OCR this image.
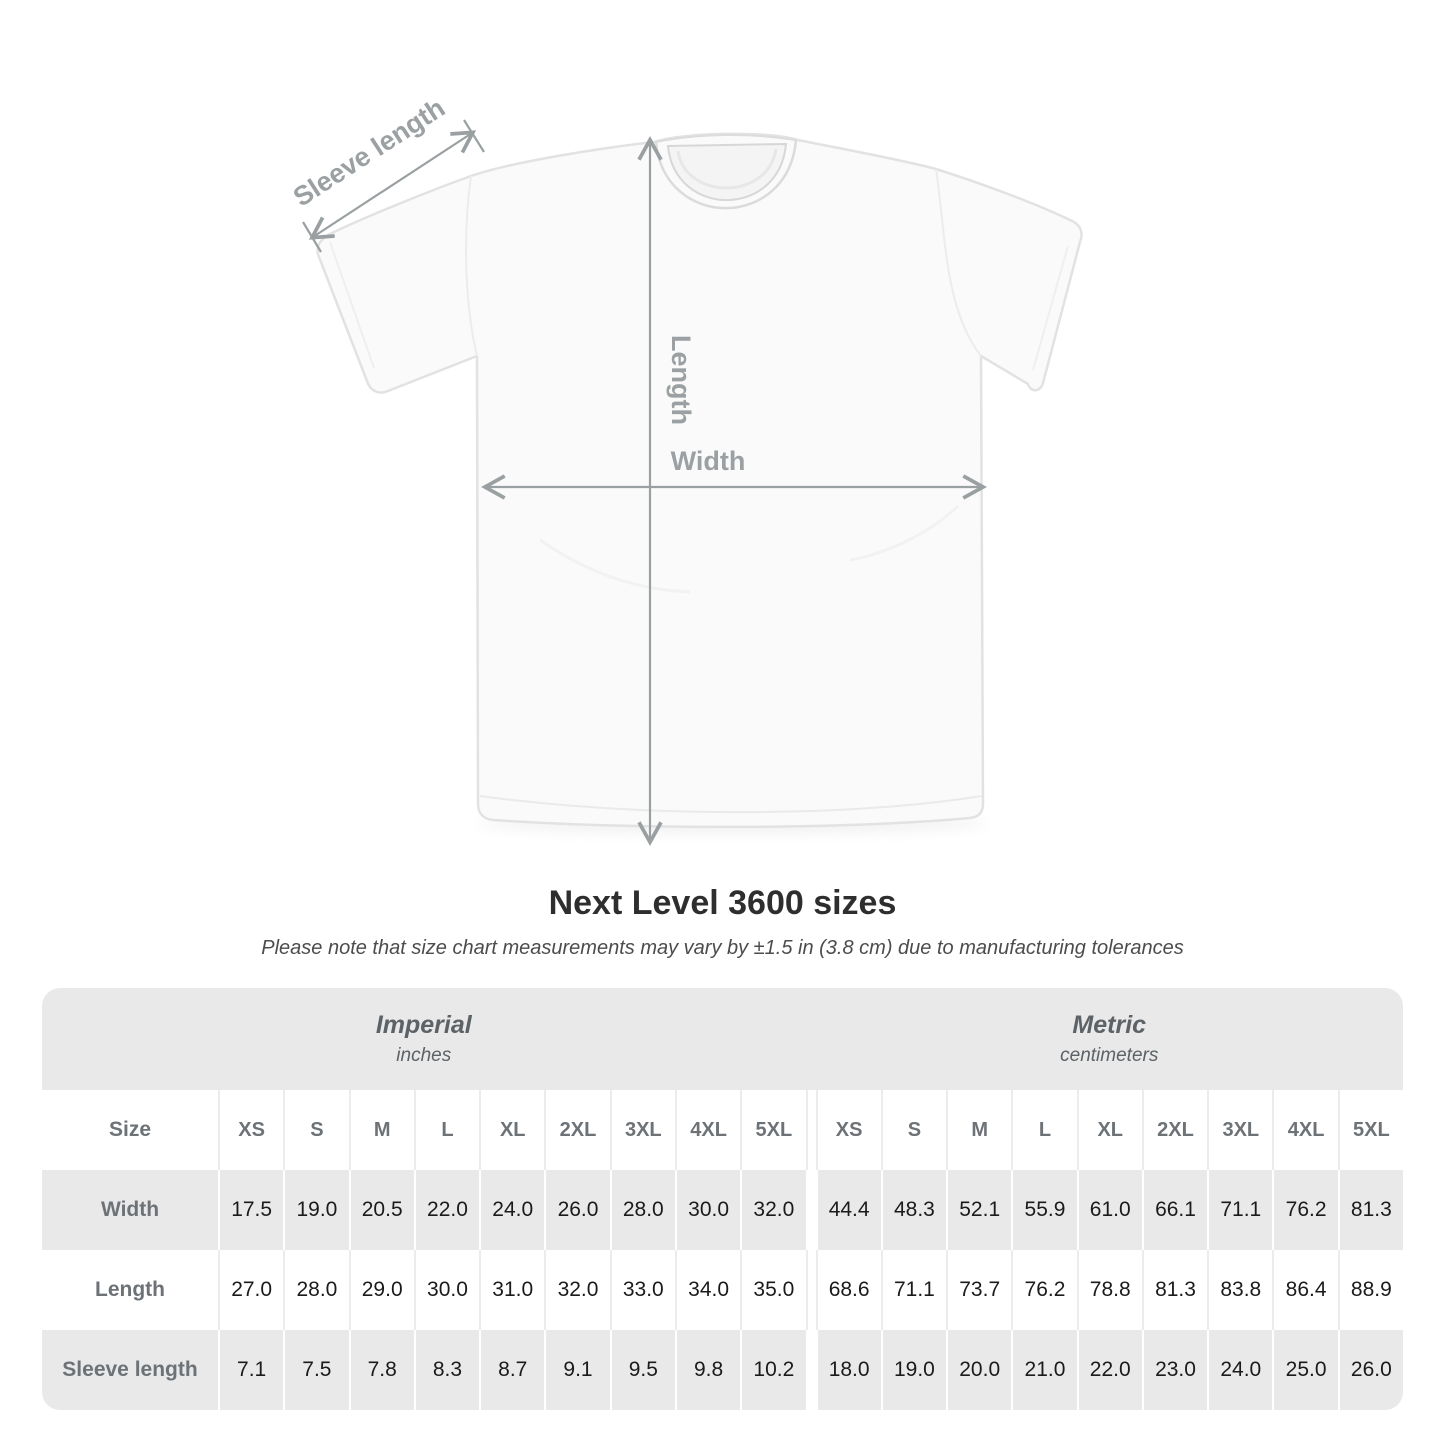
Sleeve length
Length
Width
Next Level 3600 sizes
Please note that size chart measurements may vary by ±1.5 in (3.8 cm) due to manufacturing tolerances
Imperial
inches
Metric
centimeters
Size	XS	S	M	L	XL	2XL	3XL	4XL	5XL	XS	S	M	L	XL	2XL	3XL	4XL	5XL
Width	17.5	19.0	20.5	22.0	24.0	26.0	28.0	30.0	32.0	44.4	48.3	52.1	55.9	61.0	66.1	71.1	76.2	81.3
Length	27.0	28.0	29.0	30.0	31.0	32.0	33.0	34.0	35.0	68.6	71.1	73.7	76.2	78.8	81.3	83.8	86.4	88.9
Sleeve length	7.1	7.5	7.8	8.3	8.7	9.1	9.5	9.8	10.2	18.0	19.0	20.0	21.0	22.0	23.0	24.0	25.0	26.0
